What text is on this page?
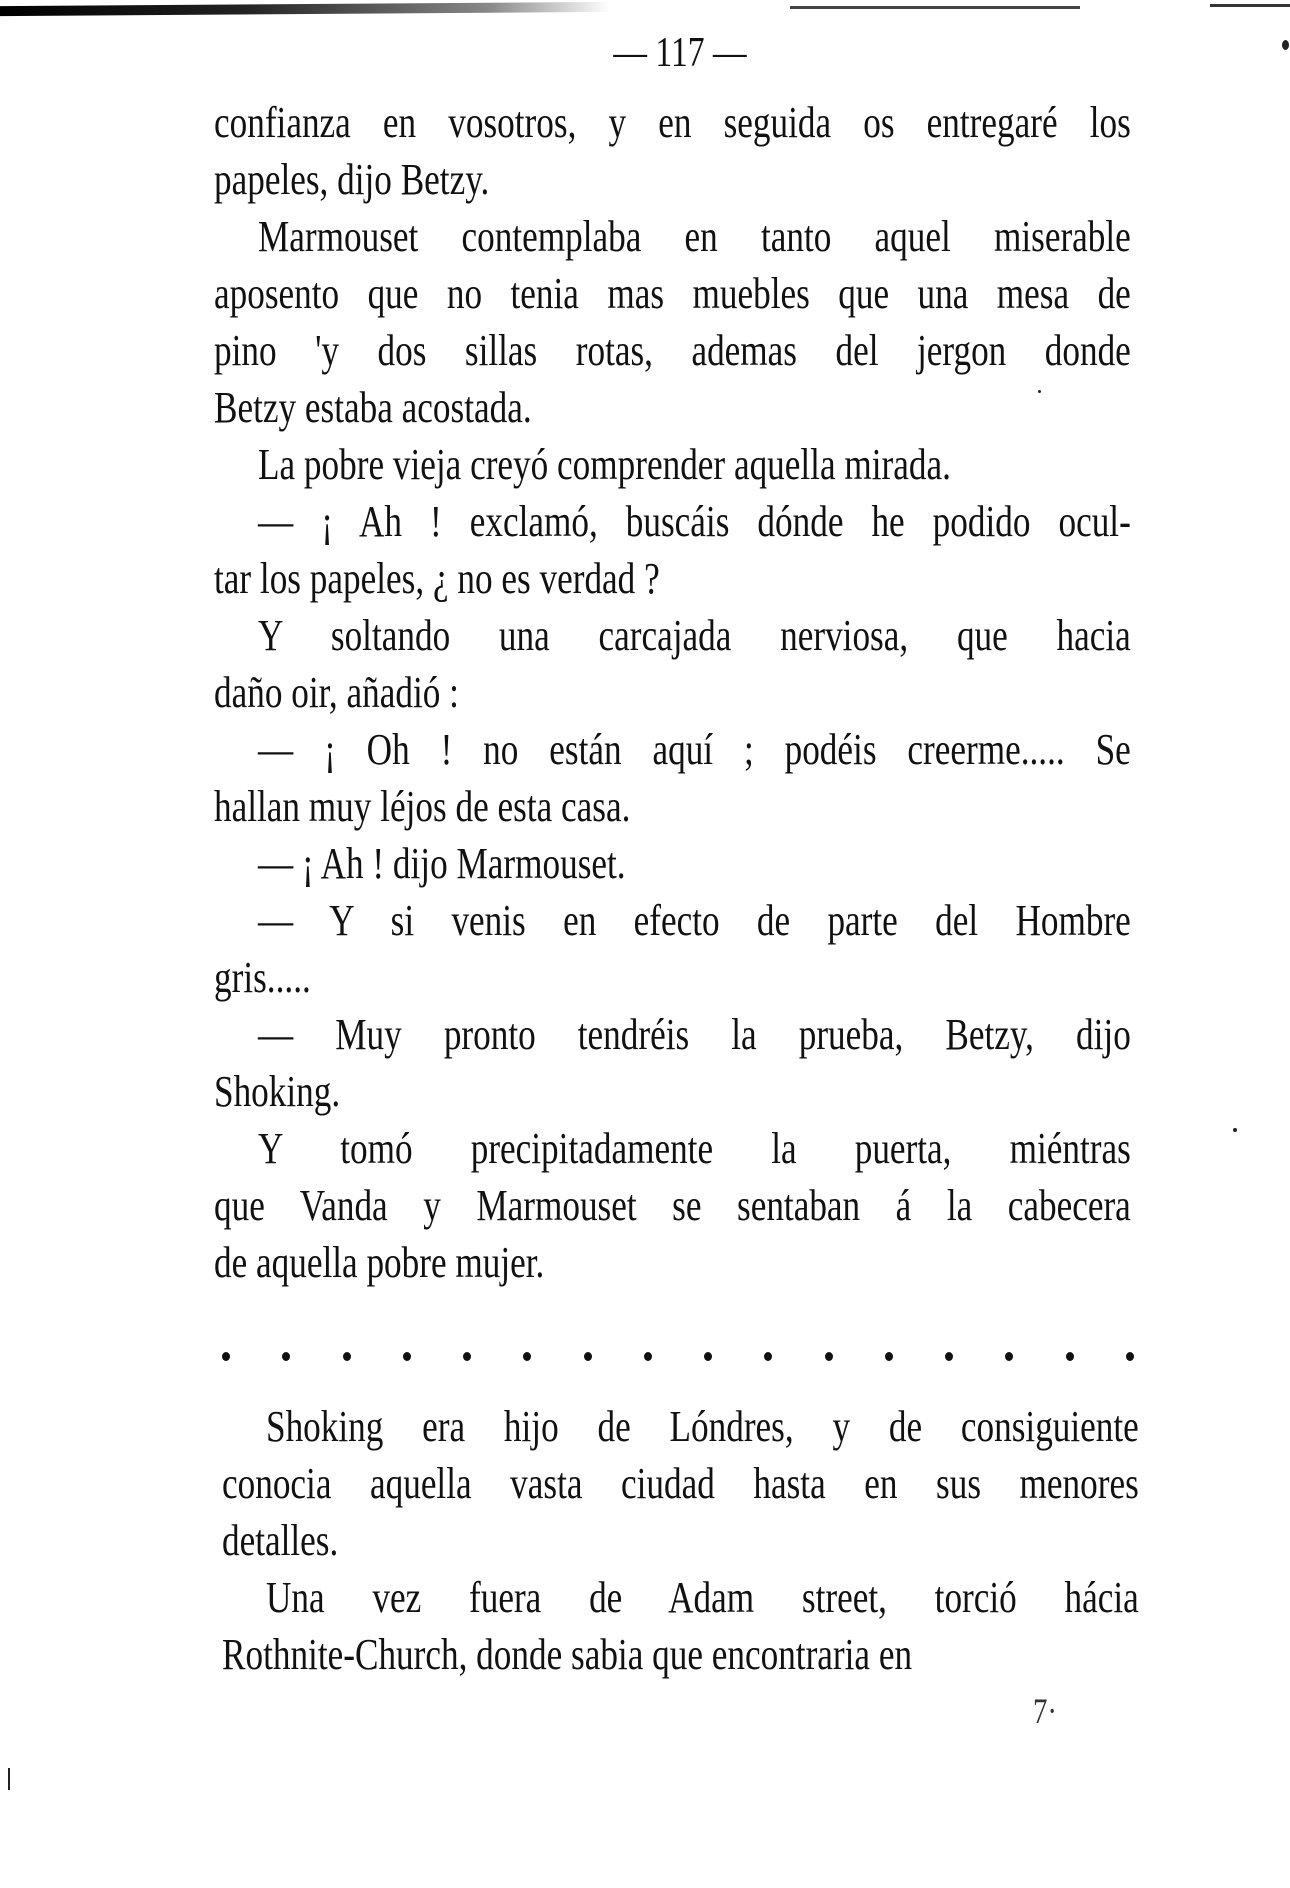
— 117 —
confianza en vosotros, y en seguida os entregaré los
papeles, dijo Betzy.
Marmouset contemplaba en tanto aquel miserable
aposento que no tenia mas muebles que una mesa de
pino 'y dos sillas rotas, ademas del jergon donde
Betzy estaba acostada.
La pobre vieja creyó comprender aquella mirada.
— ¡ Ah ! exclamó, buscáis dónde he podido ocul-
tar los papeles, ¿ no es verdad ?
Y soltando una carcajada nerviosa, que hacia
daño oir, añadió :
— ¡ Oh ! no están aquí ; podéis creerme..... Se
hallan muy léjos de esta casa.
— ¡ Ah ! dijo Marmouset.
— Y si venis en efecto de parte del Hombre
gris.....
— Muy pronto tendréis la prueba, Betzy, dijo
Shoking.
Y tomó precipitadamente la puerta, miéntras
que Vanda y Marmouset se sentaban á la cabecera
de aquella pobre mujer.
Shoking era hijo de Lóndres, y de consiguiente
conocia aquella vasta ciudad hasta en sus menores
detalles.
Una vez fuera de Adam street, torció hácia
Rothnite-Church, donde sabia que encontraria en
7·
